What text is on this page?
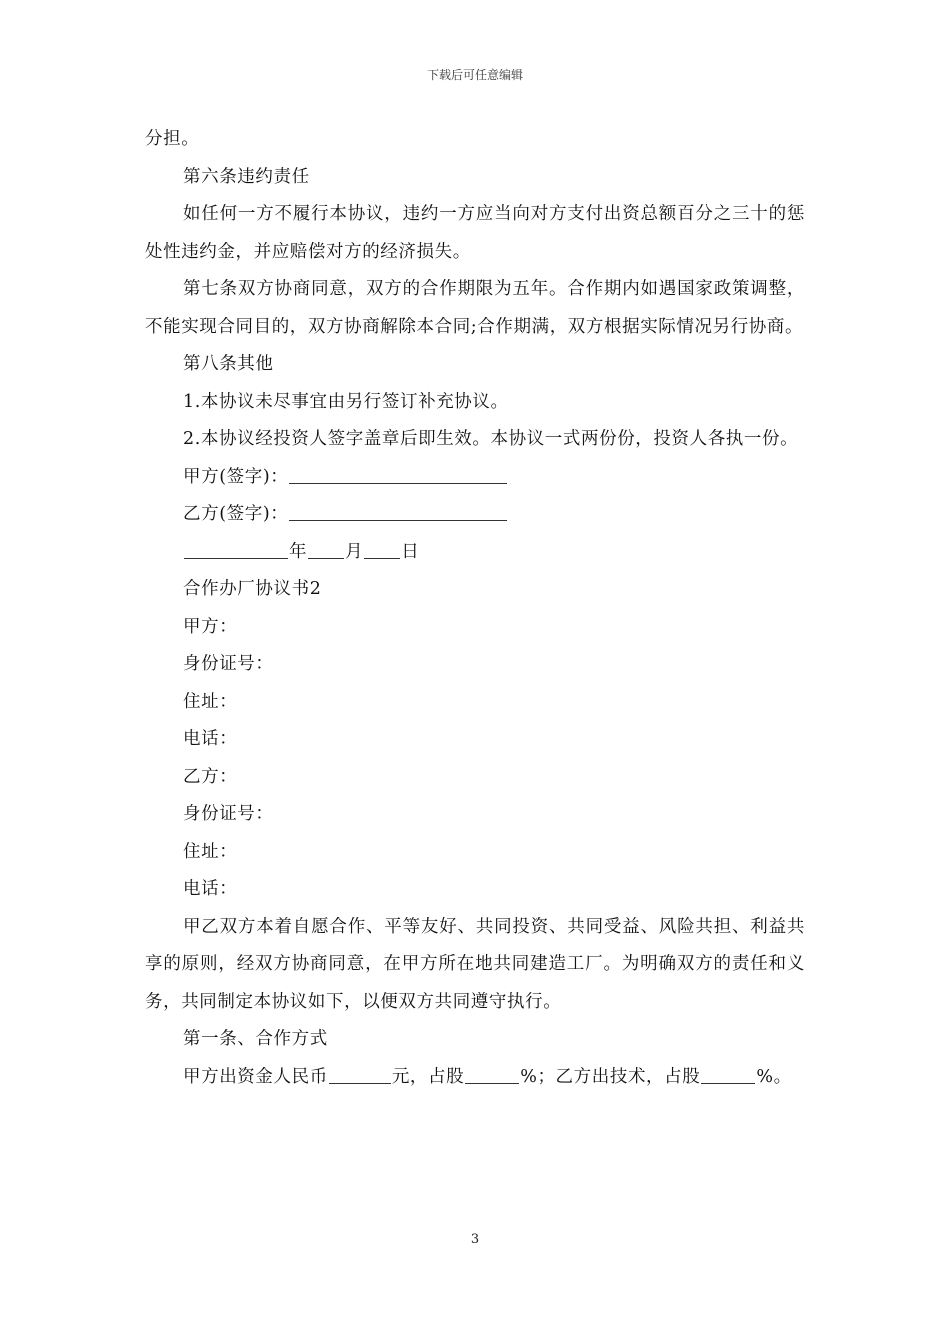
下载后可任意编辑

分担。

第六条违约责任

如任何一方不履行本协议，违约一方应当向对方支付出资总额百分之三十的惩处性违约金，并应赔偿对方的经济损失。

第七条双方协商同意，双方的合作期限为五年。合作期内如遇国家政策调整，不能实现合同目的，双方协商解除本合同;合作期满，双方根据实际情况另行协商。

第八条其他

1.本协议未尽事宜由另行签订补充协议。

2.本协议经投资人签字盖章后即生效。本协议一式两份份，投资人各执一份。

甲方(签字)：

乙方(签字)：

年 月 日

合作办厂协议书2

甲方：

身份证号：

住址：

电话：

乙方：

身份证号：

住址：

电话：

甲乙双方本着自愿合作、平等友好、共同投资、共同受益、风险共担、利益共享的原则，经双方协商同意，在甲方所在地共同建造工厂。为明确双方的责任和义务，共同制定本协议如下，以便双方共同遵守执行。

第一条、合作方式

甲方出资金人民币	元，占股	%；乙方出技术，占股	%。

3
